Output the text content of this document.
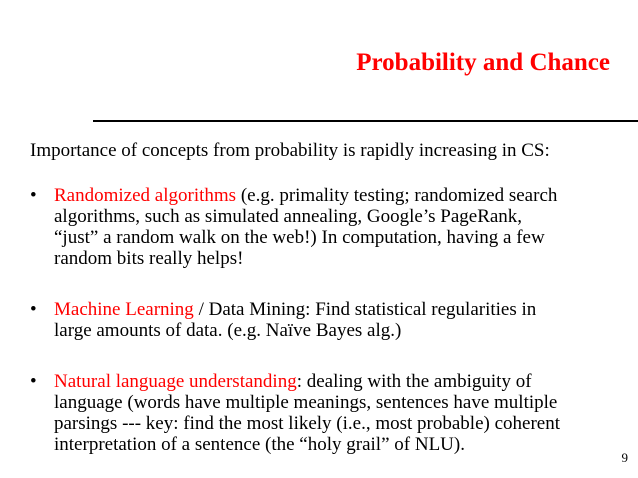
Probability and Chance
Importance of concepts from probability is rapidly increasing in CS:
• Randomized algorithms (e.g. primality testing; randomized search
algorithms, such as simulated annealing, Google’s PageRank,
“just” a random walk on the web!) In computation, having a few
random bits really helps!
• Machine Learning / Data Mining: Find statistical regularities in
large amounts of data. (e.g. Naïve Bayes alg.)
• Natural language understanding: dealing with the ambiguity of
language (words have multiple meanings, sentences have multiple
parsings --- key: find the most likely (i.e., most probable) coherent
interpretation of a sentence (the “holy grail” of NLU).
9
